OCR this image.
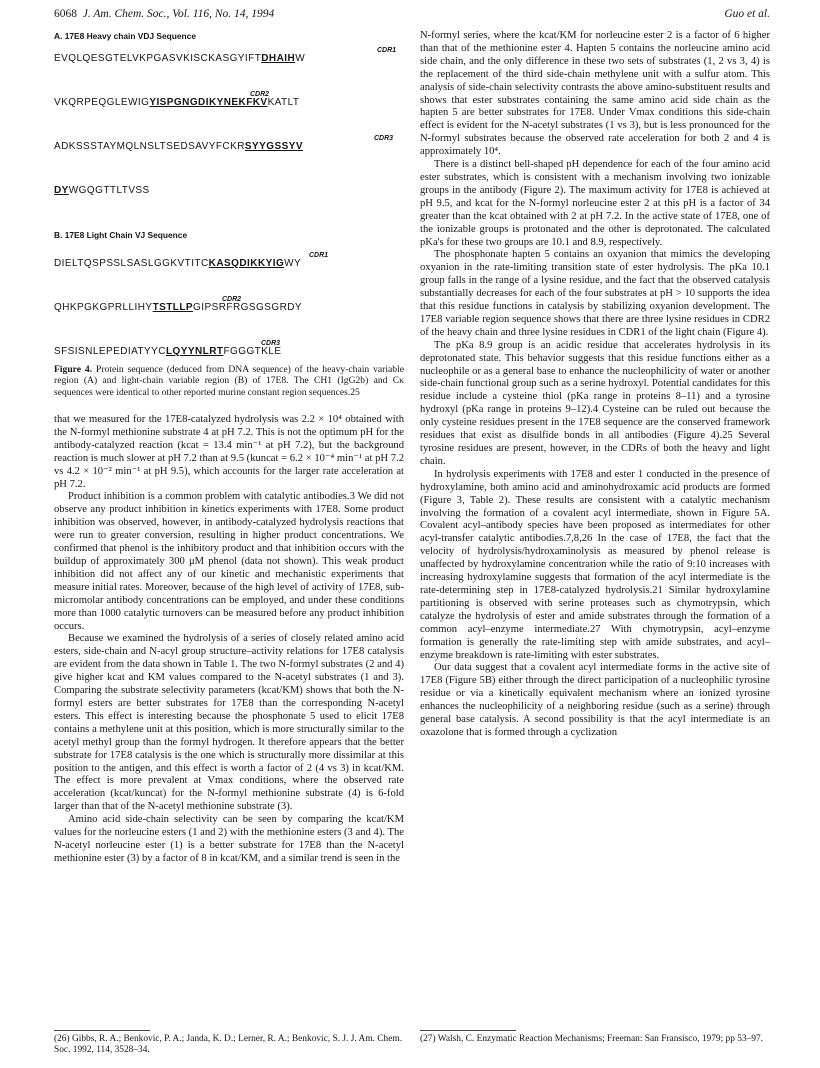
6068 J. Am. Chem. Soc., Vol. 116, No. 14, 1994	Guo et al.
A. 17E8 Heavy chain VDJ Sequence
EVQLQESGTELVKPGASVKISCKASGYIFTDHAIHW
CDR1
VKQRPEQGLEWIGYISPGNGDIKYNEKFKVKATLT
CDR2
ADKSSSTAYMQLNSLTSEDSAVYFCKRSYYGSSYV
CDR3
DYWGQGTTLTVSS
B. 17E8 Light Chain VJ Sequence
DIELTQSPSSLSASLGGKVTITCKASQDIKKYIGWY
CDR1
QHKPGKGPRLLIHYTSTLLPGIPSRFRGSGSGRDY
CDR2
SFSISNLEPEDIATYYCLQYYNLRTFGGGTKLE
CDR3
Figure 4. Protein sequence (deduced from DNA sequence) of the heavy-chain variable region (A) and light-chain variable region (B) of 17E8. The CH1 (IgG2b) and Cκ sequences were identical to other reported murine constant region sequences.25

that we measured for the 17E8-catalyzed hydrolysis was 2.2 × 10⁴ obtained with the N-formyl methionine substrate 4 at pH 7.2. This is not the optimum pH for the antibody-catalyzed reaction (kcat = 13.4 min⁻¹ at pH 7.2), but the background reaction is much slower at pH 7.2 than at 9.5 (kuncat = 6.2 × 10⁻⁴ min⁻¹ at pH 7.2 vs 4.2 × 10⁻² min⁻¹ at pH 9.5), which accounts for the larger rate acceleration at pH 7.2.

Product inhibition is a common problem with catalytic antibodies.3 We did not observe any product inhibition in kinetics experiments with 17E8. Some product inhibition was observed, however, in antibody-catalyzed hydrolysis reactions that were run to greater conversion, resulting in higher product concentrations. We confirmed that phenol is the inhibitory product and that inhibition occurs with the buildup of approximately 300 μM phenol (data not shown). This weak product inhibition did not affect any of our kinetic and mechanistic experiments that measure initial rates. Moreover, because of the high level of activity of 17E8, sub-micromolar antibody concentrations can be employed, and under these conditions more than 1000 catalytic turnovers can be measured before any product inhibition occurs.

Because we examined the hydrolysis of a series of closely related amino acid esters, side-chain and N-acyl group structure–activity relations for 17E8 catalysis are evident from the data shown in Table 1. The two N-formyl substrates (2 and 4) give higher kcat and KM values compared to the N-acetyl substrates (1 and 3). Comparing the substrate selectivity parameters (kcat/KM) shows that both the N-formyl esters are better substrates for 17E8 than the corresponding N-acetyl esters. This effect is interesting because the phosphonate 5 used to elicit 17E8 contains a methylene unit at this position, which is more structurally similar to the acetyl methyl group than the formyl hydrogen. It therefore appears that the better substrate for 17E8 catalysis is the one which is structurally more dissimilar at this position to the antigen, and this effect is worth a factor of 2 (4 vs 3) in kcat/KM. The effect is more prevalent at Vmax conditions, where the observed rate acceleration (kcat/kuncat) for the N-formyl methionine substrate (4) is 6-fold larger than that of the N-acetyl methionine substrate (3).

Amino acid side-chain selectivity can be seen by comparing the kcat/KM values for the norleucine esters (1 and 2) with the methionine esters (3 and 4). The N-acetyl norleucine ester (1) is a better substrate for 17E8 than the N-acetyl methionine ester (3) by a factor of 8 in kcat/KM, and a similar trend is seen in the

N-formyl series, where the kcat/KM for norleucine ester 2 is a factor of 6 higher than that of the methionine ester 4. Hapten 5 contains the norleucine amino acid side chain, and the only difference in these two sets of substrates (1, 2 vs 3, 4) is the replacement of the third side-chain methylene unit with a sulfur atom. This analysis of side-chain selectivity contrasts the above amino-substituent results and shows that ester substrates containing the same amino acid side chain as the hapten 5 are better substrates for 17E8. Under Vmax conditions this side-chain effect is evident for the N-acetyl substrates (1 vs 3), but is less pronounced for the N-formyl substrates because the observed rate acceleration for both 2 and 4 is approximately 10⁴.

There is a distinct bell-shaped pH dependence for each of the four amino acid ester substrates, which is consistent with a mechanism involving two ionizable groups in the antibody (Figure 2). The maximum activity for 17E8 is achieved at pH 9.5, and kcat for the N-formyl norleucine ester 2 at this pH is a factor of 34 greater than the kcat obtained with 2 at pH 7.2. In the active state of 17E8, one of the ionizable groups is protonated and the other is deprotonated. The calculated pKa's for these two groups are 10.1 and 8.9, respectively.

The phosphonate hapten 5 contains an oxyanion that mimics the developing oxyanion in the rate-limiting transition state of ester hydrolysis. The pKa 10.1 group falls in the range of a lysine residue, and the fact that the observed catalysis substantially decreases for each of the four substrates at pH > 10 supports the idea that this residue functions in catalysis by stabilizing oxyanion development. The 17E8 variable region sequence shows that there are three lysine residues in CDR2 of the heavy chain and three lysine residues in CDR1 of the light chain (Figure 4).

The pKa 8.9 group is an acidic residue that accelerates hydrolysis in its deprotonated state. This behavior suggests that this residue functions either as a nucleophile or as a general base to enhance the nucleophilicity of water or another side-chain functional group such as a serine hydroxyl. Potential candidates for this residue include a cysteine thiol (pKa range in proteins 8–11) and a tyrosine hydroxyl (pKa range in proteins 9–12).4 Cysteine can be ruled out because the only cysteine residues present in the 17E8 sequence are the conserved framework residues that exist as disulfide bonds in all antibodies (Figure 4).25 Several tyrosine residues are present, however, in the CDRs of both the heavy and light chain.

In hydrolysis experiments with 17E8 and ester 1 conducted in the presence of hydroxylamine, both amino acid and aminohydroxamic acid products are formed (Figure 3, Table 2). These results are consistent with a catalytic mechanism involving the formation of a covalent acyl intermediate, shown in Figure 5A. Covalent acyl–antibody species have been proposed as intermediates for other acyl-transfer catalytic antibodies.7,8,26 In the case of 17E8, the fact that the velocity of hydrolysis/hydroxaminolysis as measured by phenol release is unaffected by hydroxylamine concentration while the ratio of 9:10 increases with increasing hydroxylamine suggests that formation of the acyl intermediate is the rate-determining step in 17E8-catalyzed hydrolysis.21 Similar hydroxylamine partitioning is observed with serine proteases such as chymotrypsin, which catalyze the hydrolysis of ester and amide substrates through the formation of a common acyl–enzyme intermediate.27 With chymotrypsin, acyl–enzyme formation is generally the rate-limiting step with amide substrates, and acyl–enzyme breakdown is rate-limiting with ester substrates.

Our data suggest that a covalent acyl intermediate forms in the active site of 17E8 (Figure 5B) either through the direct participation of a nucleophilic tyrosine residue or via a kinetically equivalent mechanism where an ionized tyrosine enhances the nucleophilicity of a neighboring residue (such as a serine) through general base catalysis. A second possibility is that the acyl intermediate is an oxazolone that is formed through a cyclization

(26) Gibbs, R. A.; Benkovic, P. A.; Janda, K. D.; Lerner, R. A.; Benkovic, S. J. J. Am. Chem. Soc. 1992, 114, 3528–34.
(27) Walsh, C. Enzymatic Reaction Mechanisms; Freeman: San Fransisco, 1979; pp 53–97.
